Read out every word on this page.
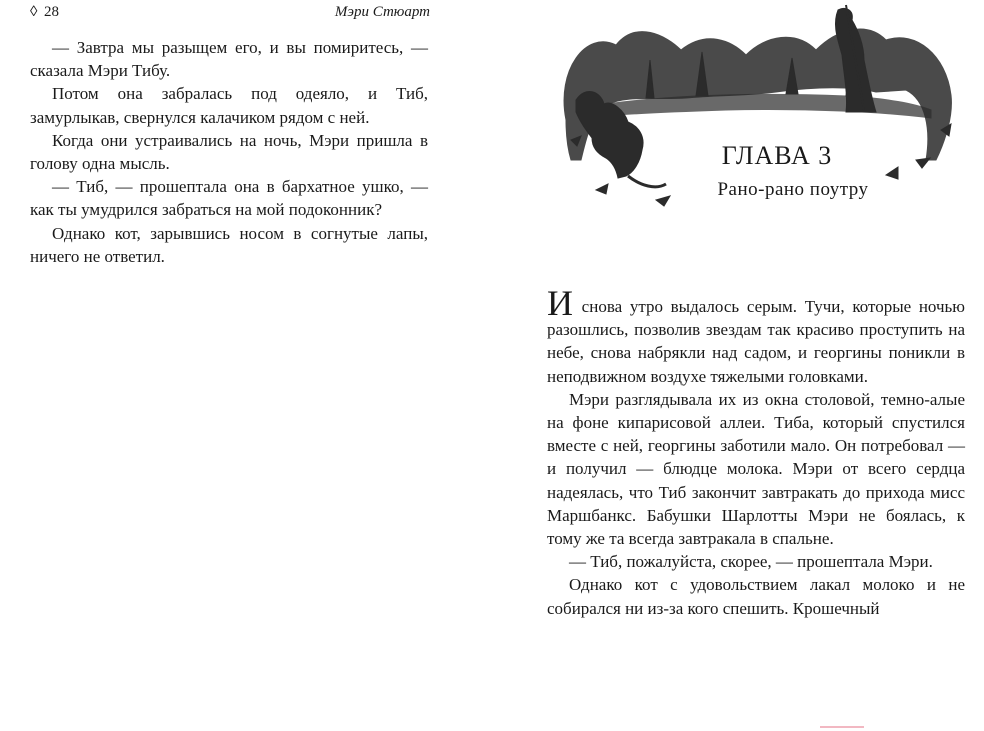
◊ 28	Мэри Стюарт

— Завтра мы разыщем его, и вы помиритесь, — сказала Мэри Тибу.

Потом она забралась под одеяло, и Тиб, замурлыкав, свернулся калачиком рядом с ней.

Когда они устраивались на ночь, Мэри пришла в голову одна мысль.

— Тиб, — прошептала она в бархатное ушко, — как ты умудрился забраться на мой подоконник?

Однако кот, зарывшись носом в согнутые лапы, ничего не ответил.

ГЛАВА 3
Рано-рано поутру

И снова утро выдалось серым. Тучи, которые ночью разошлись, позволив звездам так красиво проступить на небе, снова набрякли над садом, и георгины поникли в неподвижном воздухе тяжелыми головками.

Мэри разглядывала их из окна столовой, темно-алые на фоне кипарисовой аллеи. Тиба, который спустился вместе с ней, георгины заботили мало. Он потребовал — и получил — блюдце молока. Мэри от всего сердца надеялась, что Тиб закончит завтракать до прихода мисс Маршбанкс. Бабушки Шарлотты Мэри не боялась, к тому же та всегда завтракала в спальне.

— Тиб, пожалуйста, скорее, — прошептала Мэри.

Однако кот с удовольствием лакал молоко и не собирался ни из-за кого спешить. Крошечный
